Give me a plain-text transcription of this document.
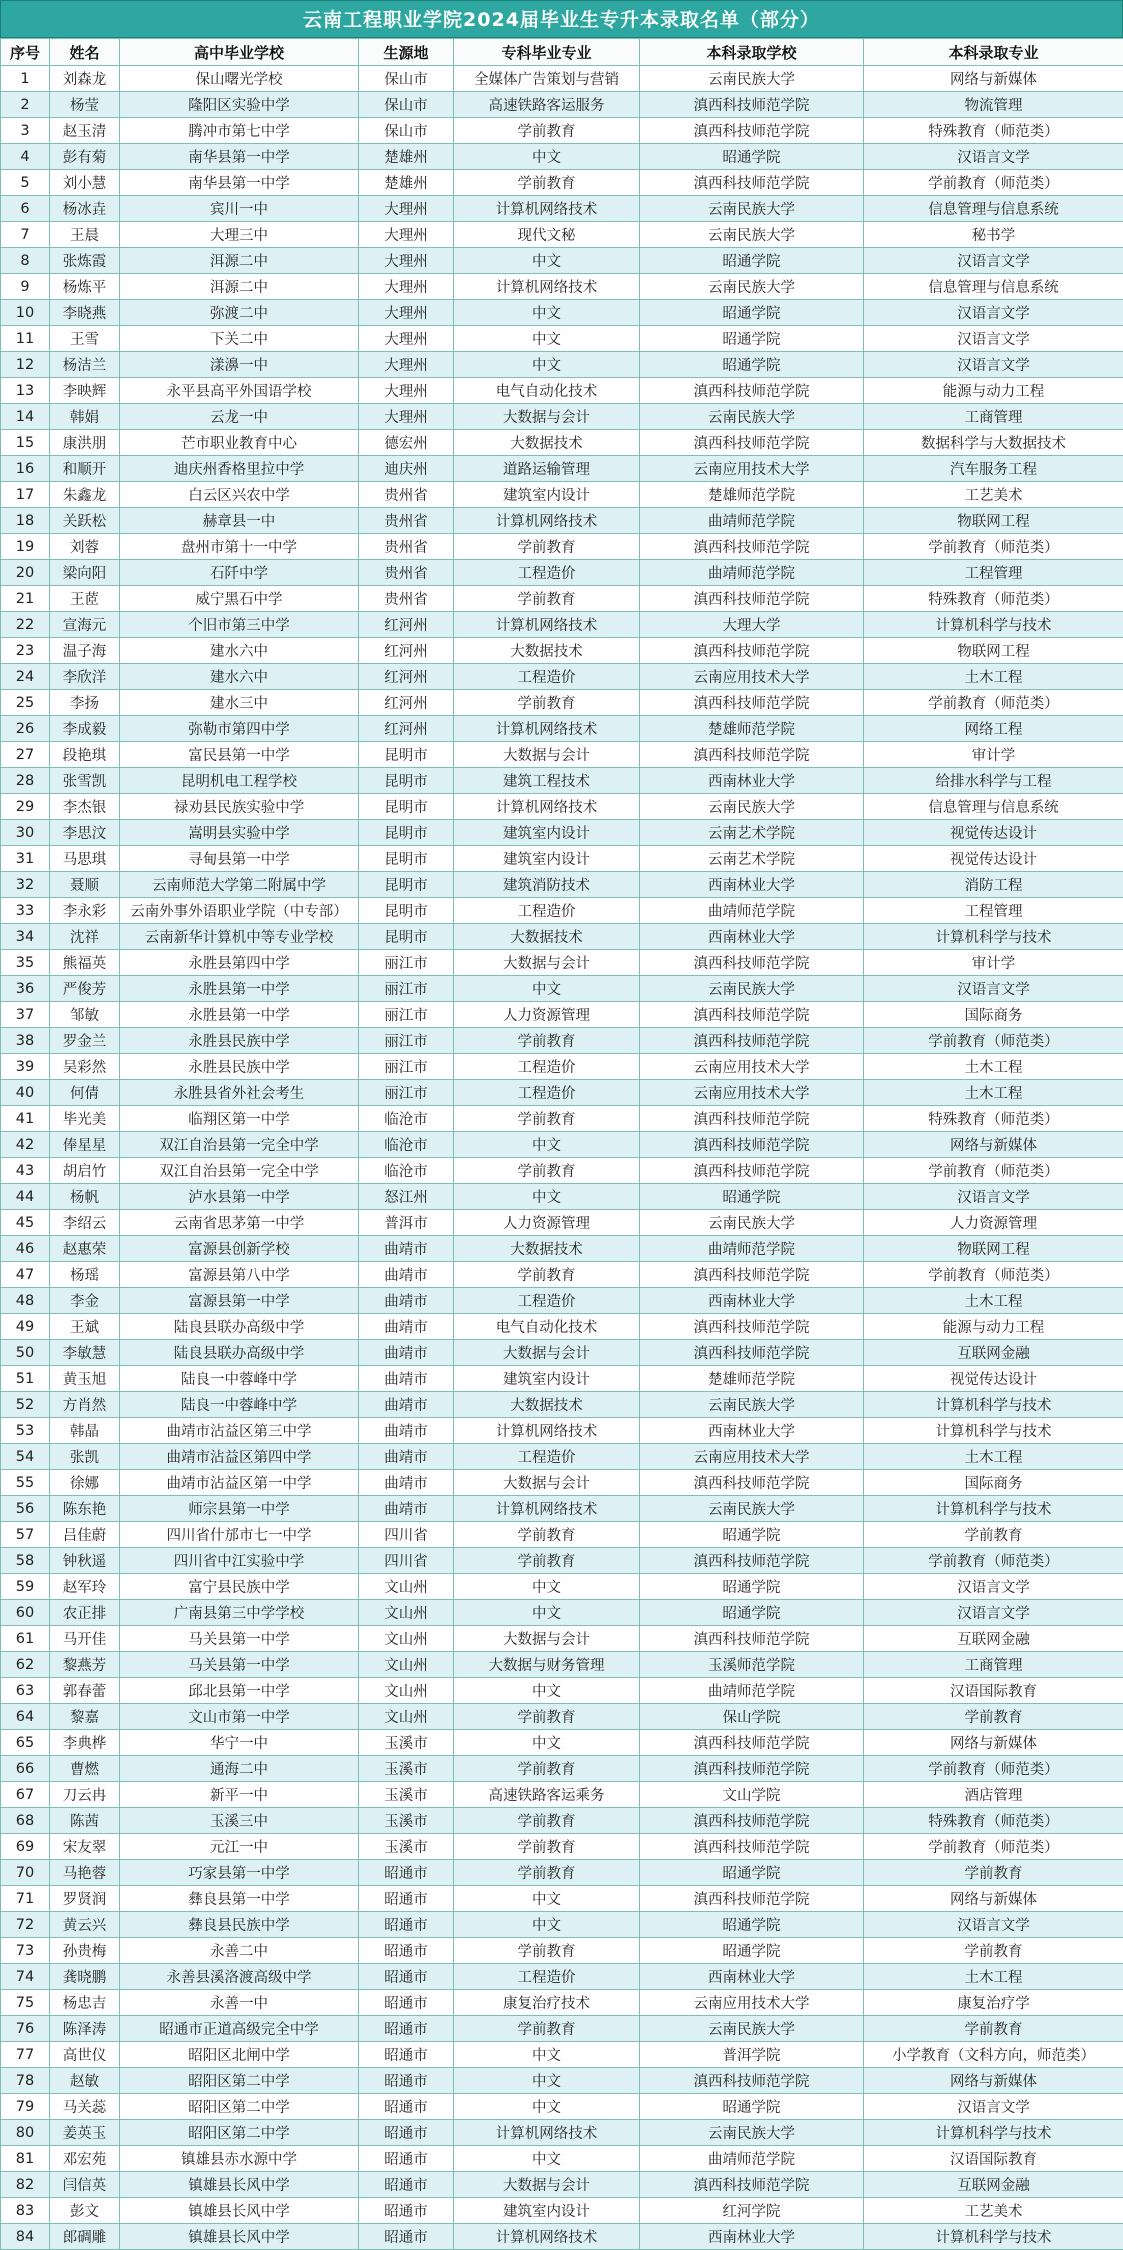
云南工程职业学院2024届毕业生专升本录取名单（部分）
序号	姓名	高中毕业学校	生源地	专科毕业专业	本科录取学校	本科录取专业
1	刘森龙	保山曙光学校	保山市	全媒体广告策划与营销	云南民族大学	网络与新媒体
2	杨莹	隆阳区实验中学	保山市	高速铁路客运服务	滇西科技师范学院	物流管理
3	赵玉清	腾冲市第七中学	保山市	学前教育	滇西科技师范学院	特殊教育（师范类）
4	彭有菊	南华县第一中学	楚雄州	中文	昭通学院	汉语言文学
5	刘小慧	南华县第一中学	楚雄州	学前教育	滇西科技师范学院	学前教育（师范类）
6	杨冰垚	宾川一中	大理州	计算机网络技术	云南民族大学	信息管理与信息系统
7	王晨	大理三中	大理州	现代文秘	云南民族大学	秘书学
8	张炼霞	洱源二中	大理州	中文	昭通学院	汉语言文学
9	杨炼平	洱源二中	大理州	计算机网络技术	云南民族大学	信息管理与信息系统
10	李晓燕	弥渡二中	大理州	中文	昭通学院	汉语言文学
11	王雪	下关二中	大理州	中文	昭通学院	汉语言文学
12	杨洁兰	漾濞一中	大理州	中文	昭通学院	汉语言文学
13	李映辉	永平县高平外国语学校	大理州	电气自动化技术	滇西科技师范学院	能源与动力工程
14	韩娟	云龙一中	大理州	大数据与会计	云南民族大学	工商管理
15	康洪朋	芒市职业教育中心	德宏州	大数据技术	滇西科技师范学院	数据科学与大数据技术
16	和顺开	迪庆州香格里拉中学	迪庆州	道路运输管理	云南应用技术大学	汽车服务工程
17	朱鑫龙	白云区兴农中学	贵州省	建筑室内设计	楚雄师范学院	工艺美术
18	关跃松	赫章县一中	贵州省	计算机网络技术	曲靖师范学院	物联网工程
19	刘蓉	盘州市第十一中学	贵州省	学前教育	滇西科技师范学院	学前教育（师范类）
20	梁向阳	石阡中学	贵州省	工程造价	曲靖师范学院	工程管理
21	王茝	威宁黑石中学	贵州省	学前教育	滇西科技师范学院	特殊教育（师范类）
22	宣海元	个旧市第三中学	红河州	计算机网络技术	大理大学	计算机科学与技术
23	温子海	建水六中	红河州	大数据技术	滇西科技师范学院	物联网工程
24	李欣洋	建水六中	红河州	工程造价	云南应用技术大学	土木工程
25	李扬	建水三中	红河州	学前教育	滇西科技师范学院	学前教育（师范类）
26	李成毅	弥勒市第四中学	红河州	计算机网络技术	楚雄师范学院	网络工程
27	段艳琪	富民县第一中学	昆明市	大数据与会计	滇西科技师范学院	审计学
28	张雪凯	昆明机电工程学校	昆明市	建筑工程技术	西南林业大学	给排水科学与工程
29	李杰银	禄劝县民族实验中学	昆明市	计算机网络技术	云南民族大学	信息管理与信息系统
30	李思汶	嵩明县实验中学	昆明市	建筑室内设计	云南艺术学院	视觉传达设计
31	马思琪	寻甸县第一中学	昆明市	建筑室内设计	云南艺术学院	视觉传达设计
32	聂顺	云南师范大学第二附属中学	昆明市	建筑消防技术	西南林业大学	消防工程
33	李永彩	云南外事外语职业学院（中专部）	昆明市	工程造价	曲靖师范学院	工程管理
34	沈祥	云南新华计算机中等专业学校	昆明市	大数据技术	西南林业大学	计算机科学与技术
35	熊福英	永胜县第四中学	丽江市	大数据与会计	滇西科技师范学院	审计学
36	严俊芳	永胜县第一中学	丽江市	中文	云南民族大学	汉语言文学
37	邹敏	永胜县第一中学	丽江市	人力资源管理	滇西科技师范学院	国际商务
38	罗金兰	永胜县民族中学	丽江市	学前教育	滇西科技师范学院	学前教育（师范类）
39	吴彩然	永胜县民族中学	丽江市	工程造价	云南应用技术大学	土木工程
40	何倩	永胜县省外社会考生	丽江市	工程造价	云南应用技术大学	土木工程
41	毕光美	临翔区第一中学	临沧市	学前教育	滇西科技师范学院	特殊教育（师范类）
42	俸星星	双江自治县第一完全中学	临沧市	中文	滇西科技师范学院	网络与新媒体
43	胡启竹	双江自治县第一完全中学	临沧市	学前教育	滇西科技师范学院	学前教育（师范类）
44	杨帆	泸水县第一中学	怒江州	中文	昭通学院	汉语言文学
45	李绍云	云南省思茅第一中学	普洱市	人力资源管理	云南民族大学	人力资源管理
46	赵惠荣	富源县创新学校	曲靖市	大数据技术	曲靖师范学院	物联网工程
47	杨瑶	富源县第八中学	曲靖市	学前教育	滇西科技师范学院	学前教育（师范类）
48	李金	富源县第一中学	曲靖市	工程造价	西南林业大学	土木工程
49	王斌	陆良县联办高级中学	曲靖市	电气自动化技术	滇西科技师范学院	能源与动力工程
50	李敏慧	陆良县联办高级中学	曲靖市	大数据与会计	滇西科技师范学院	互联网金融
51	黄玉旭	陆良一中蓉峰中学	曲靖市	建筑室内设计	楚雄师范学院	视觉传达设计
52	方肖然	陆良一中蓉峰中学	曲靖市	大数据技术	云南民族大学	计算机科学与技术
53	韩晶	曲靖市沾益区第三中学	曲靖市	计算机网络技术	西南林业大学	计算机科学与技术
54	张凯	曲靖市沾益区第四中学	曲靖市	工程造价	云南应用技术大学	土木工程
55	徐娜	曲靖市沾益区第一中学	曲靖市	大数据与会计	滇西科技师范学院	国际商务
56	陈东艳	师宗县第一中学	曲靖市	计算机网络技术	云南民族大学	计算机科学与技术
57	吕佳蔚	四川省什邡市七一中学	四川省	学前教育	昭通学院	学前教育
58	钟秋遥	四川省中江实验中学	四川省	学前教育	滇西科技师范学院	学前教育（师范类）
59	赵军玲	富宁县民族中学	文山州	中文	昭通学院	汉语言文学
60	农正排	广南县第三中学学校	文山州	中文	昭通学院	汉语言文学
61	马开佳	马关县第一中学	文山州	大数据与会计	滇西科技师范学院	互联网金融
62	黎燕芳	马关县第一中学	文山州	大数据与财务管理	玉溪师范学院	工商管理
63	郭春蕾	邱北县第一中学	文山州	中文	曲靖师范学院	汉语国际教育
64	黎嘉	文山市第一中学	文山州	学前教育	保山学院	学前教育
65	李典桦	华宁一中	玉溪市	中文	滇西科技师范学院	网络与新媒体
66	曹燃	通海二中	玉溪市	学前教育	滇西科技师范学院	学前教育（师范类）
67	刀云冉	新平一中	玉溪市	高速铁路客运乘务	文山学院	酒店管理
68	陈茜	玉溪三中	玉溪市	学前教育	滇西科技师范学院	特殊教育（师范类）
69	宋友翠	元江一中	玉溪市	学前教育	滇西科技师范学院	学前教育（师范类）
70	马艳蓉	巧家县第一中学	昭通市	学前教育	昭通学院	学前教育
71	罗贤润	彝良县第一中学	昭通市	中文	滇西科技师范学院	网络与新媒体
72	黄云兴	彝良县民族中学	昭通市	中文	昭通学院	汉语言文学
73	孙贵梅	永善二中	昭通市	学前教育	昭通学院	学前教育
74	龚晓鹏	永善县溪洛渡高级中学	昭通市	工程造价	西南林业大学	土木工程
75	杨忠吉	永善一中	昭通市	康复治疗技术	云南应用技术大学	康复治疗学
76	陈泽涛	昭通市正道高级完全中学	昭通市	学前教育	云南民族大学	学前教育
77	高世仪	昭阳区北闸中学	昭通市	中文	普洱学院	小学教育（文科方向，师范类）
78	赵敏	昭阳区第二中学	昭通市	中文	滇西科技师范学院	网络与新媒体
79	马关蕊	昭阳区第二中学	昭通市	中文	昭通学院	汉语言文学
80	姜英玉	昭阳区第二中学	昭通市	计算机网络技术	云南民族大学	计算机科学与技术
81	邓宏苑	镇雄县赤水源中学	昭通市	中文	曲靖师范学院	汉语国际教育
82	闫信英	镇雄县长风中学	昭通市	大数据与会计	滇西科技师范学院	互联网金融
83	彭文	镇雄县长风中学	昭通市	建筑室内设计	红河学院	工艺美术
84	郎碉雕	镇雄县长风中学	昭通市	计算机网络技术	西南林业大学	计算机科学与技术
